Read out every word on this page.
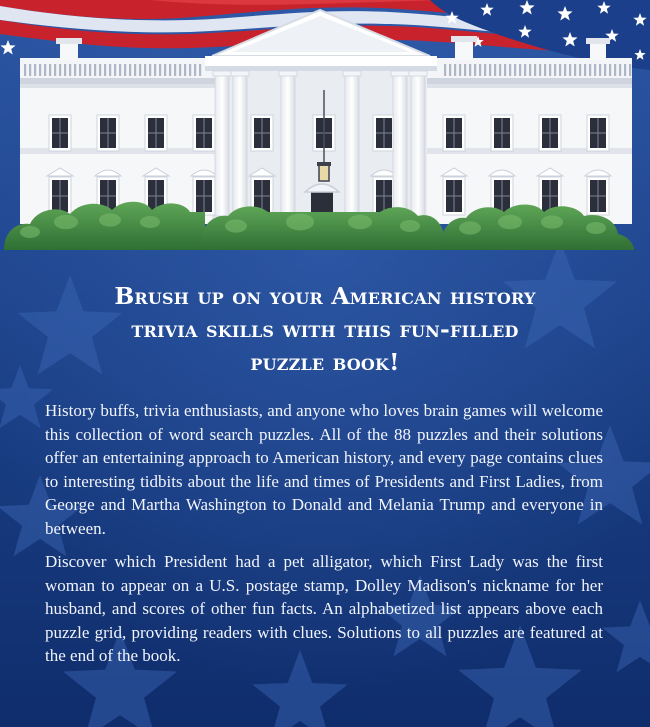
Brush up on your American history
trivia skills with this fun-filled
puzzle book!

History buffs, trivia enthusiasts, and anyone who loves brain games will welcome this collection of word search puzzles. All of the 88 puzzles and their solutions offer an entertaining approach to American history, and every page contains clues to interesting tidbits about the life and times of Presidents and First Ladies, from George and Martha Washington to Donald and Melania Trump and everyone in between.

Discover which President had a pet alligator, which First Lady was the first woman to appear on a U.S. postage stamp, Dolley Madison's nickname for her husband, and scores of other fun facts. An alphabetized list appears above each puzzle grid, providing readers with clues. Solutions to all puzzles are featured at the end of the book.
